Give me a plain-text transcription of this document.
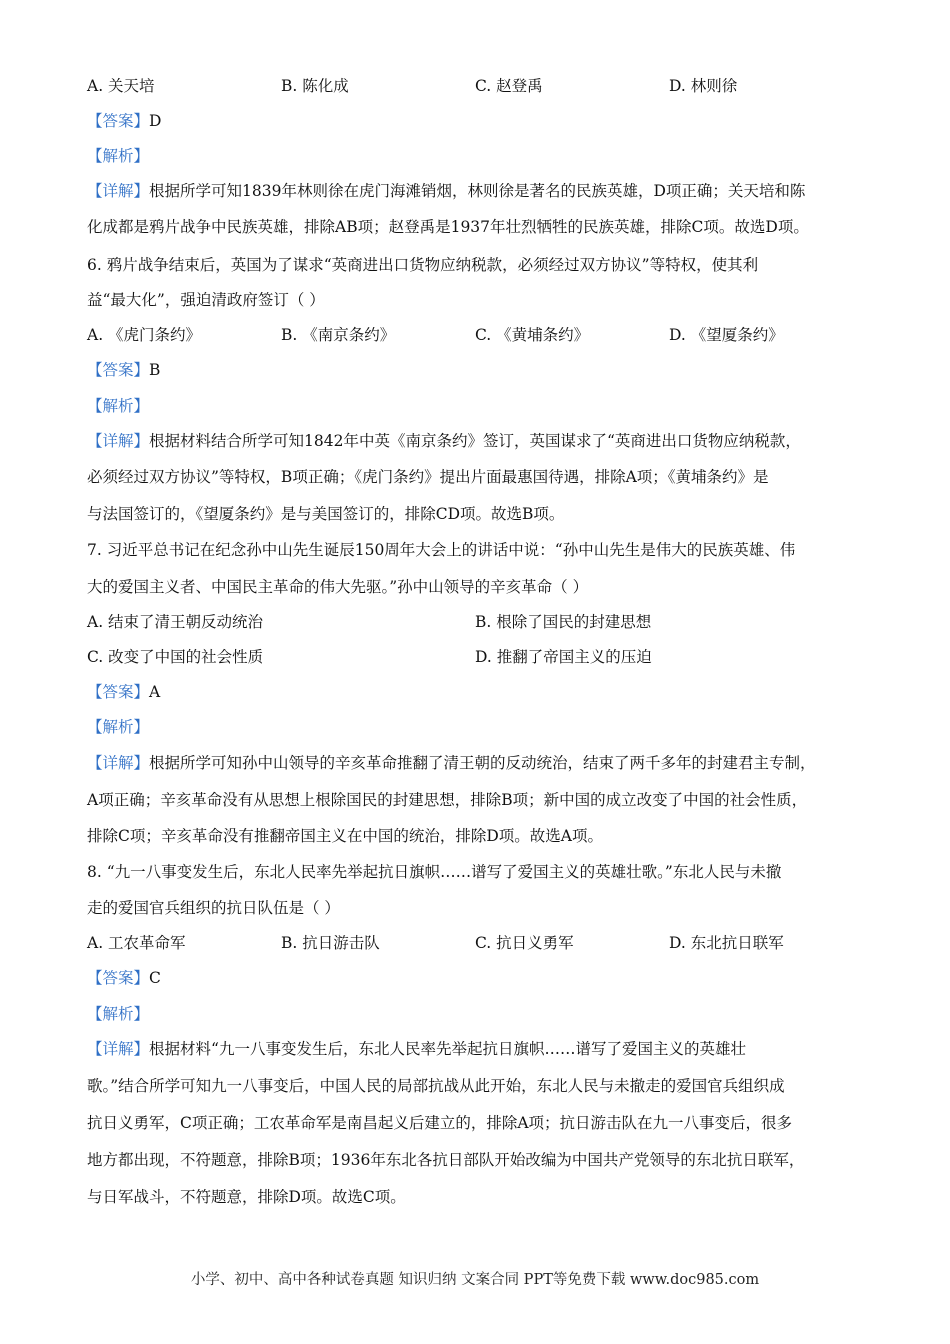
A. 关天培	B. 陈化成	C. 赵登禹	D. 林则徐
【答案】D
【解析】
【详解】根据所学可知1839年林则徐在虎门海滩销烟，林则徐是著名的民族英雄，D项正确；关天培和陈
化成都是鸦片战争中民族英雄，排除AB项；赵登禹是1937年壮烈牺牲的民族英雄，排除C项。故选D项。
6. 鸦片战争结束后，英国为了谋求“英商进出口货物应纳税款，必须经过双方协议”等特权，使其利
益“最大化”，强迫清政府签订（ ）
A. 《虎门条约》	B. 《南京条约》	C. 《黄埔条约》	D. 《望厦条约》
【答案】B
【解析】
【详解】根据材料结合所学可知1842年中英《南京条约》签订，英国谋求了“英商进出口货物应纳税款，
必须经过双方协议”等特权，B项正确；《虎门条约》提出片面最惠国待遇，排除A项；《黄埔条约》是
与法国签订的，《望厦条约》是与美国签订的，排除CD项。故选B项。
7. 习近平总书记在纪念孙中山先生诞辰150周年大会上的讲话中说：“孙中山先生是伟大的民族英雄、伟
大的爱国主义者、中国民主革命的伟大先驱。”孙中山领导的辛亥革命（ ）
A. 结束了清王朝反动统治	B. 根除了国民的封建思想
C. 改变了中国的社会性质	D. 推翻了帝国主义的压迫
【答案】A
【解析】
【详解】根据所学可知孙中山领导的辛亥革命推翻了清王朝的反动统治，结束了两千多年的封建君主专制，
A项正确；辛亥革命没有从思想上根除国民的封建思想，排除B项；新中国的成立改变了中国的社会性质，
排除C项；辛亥革命没有推翻帝国主义在中国的统治，排除D项。故选A项。
8. “九一八事变发生后，东北人民率先举起抗日旗帜……谱写了爱国主义的英雄壮歌。”东北人民与未撤
走的爱国官兵组织的抗日队伍是（ ）
A. 工农革命军	B. 抗日游击队	C. 抗日义勇军	D. 东北抗日联军
【答案】C
【解析】
【详解】根据材料“九一八事变发生后，东北人民率先举起抗日旗帜……谱写了爱国主义的英雄壮
歌。”结合所学可知九一八事变后，中国人民的局部抗战从此开始，东北人民与未撤走的爱国官兵组织成
抗日义勇军，C项正确；工农革命军是南昌起义后建立的，排除A项；抗日游击队在九一八事变后，很多
地方都出现，不符题意，排除B项；1936年东北各抗日部队开始改编为中国共产党领导的东北抗日联军，
与日军战斗，不符题意，排除D项。故选C项。
小学、初中、高中各种试卷真题 知识归纳 文案合同 PPT等免费下载 www.doc985.com
